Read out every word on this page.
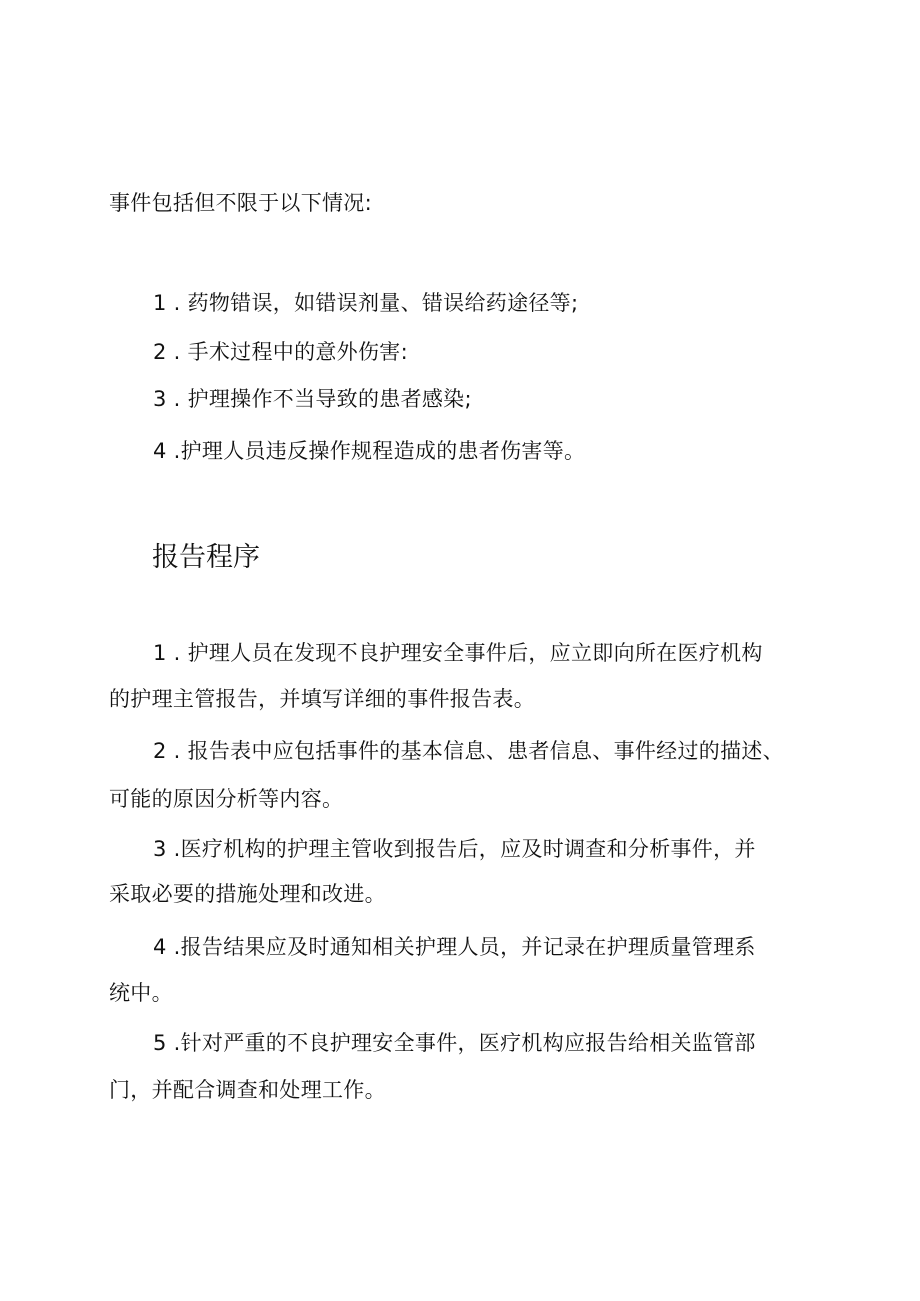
事件包括但不限于以下情况:
1 . 药物错误，如错误剂量、错误给药途径等;
2 . 手术过程中的意外伤害:
3 . 护理操作不当导致的患者感染;
4 .护理人员违反操作规程造成的患者伤害等。
报告程序
1 . 护理人员在发现不良护理安全事件后，应立即向所在医疗机构
的护理主管报告，并填写详细的事件报告表。
2 . 报告表中应包括事件的基本信息、患者信息、事件经过的描述、
可能的原因分析等内容。
3 .医疗机构的护理主管收到报告后，应及时调查和分析事件，并
采取必要的措施处理和改进。
4 .报告结果应及时通知相关护理人员，并记录在护理质量管理系
统中。
5 .针对严重的不良护理安全事件，医疗机构应报告给相关监管部
门，并配合调查和处理工作。
